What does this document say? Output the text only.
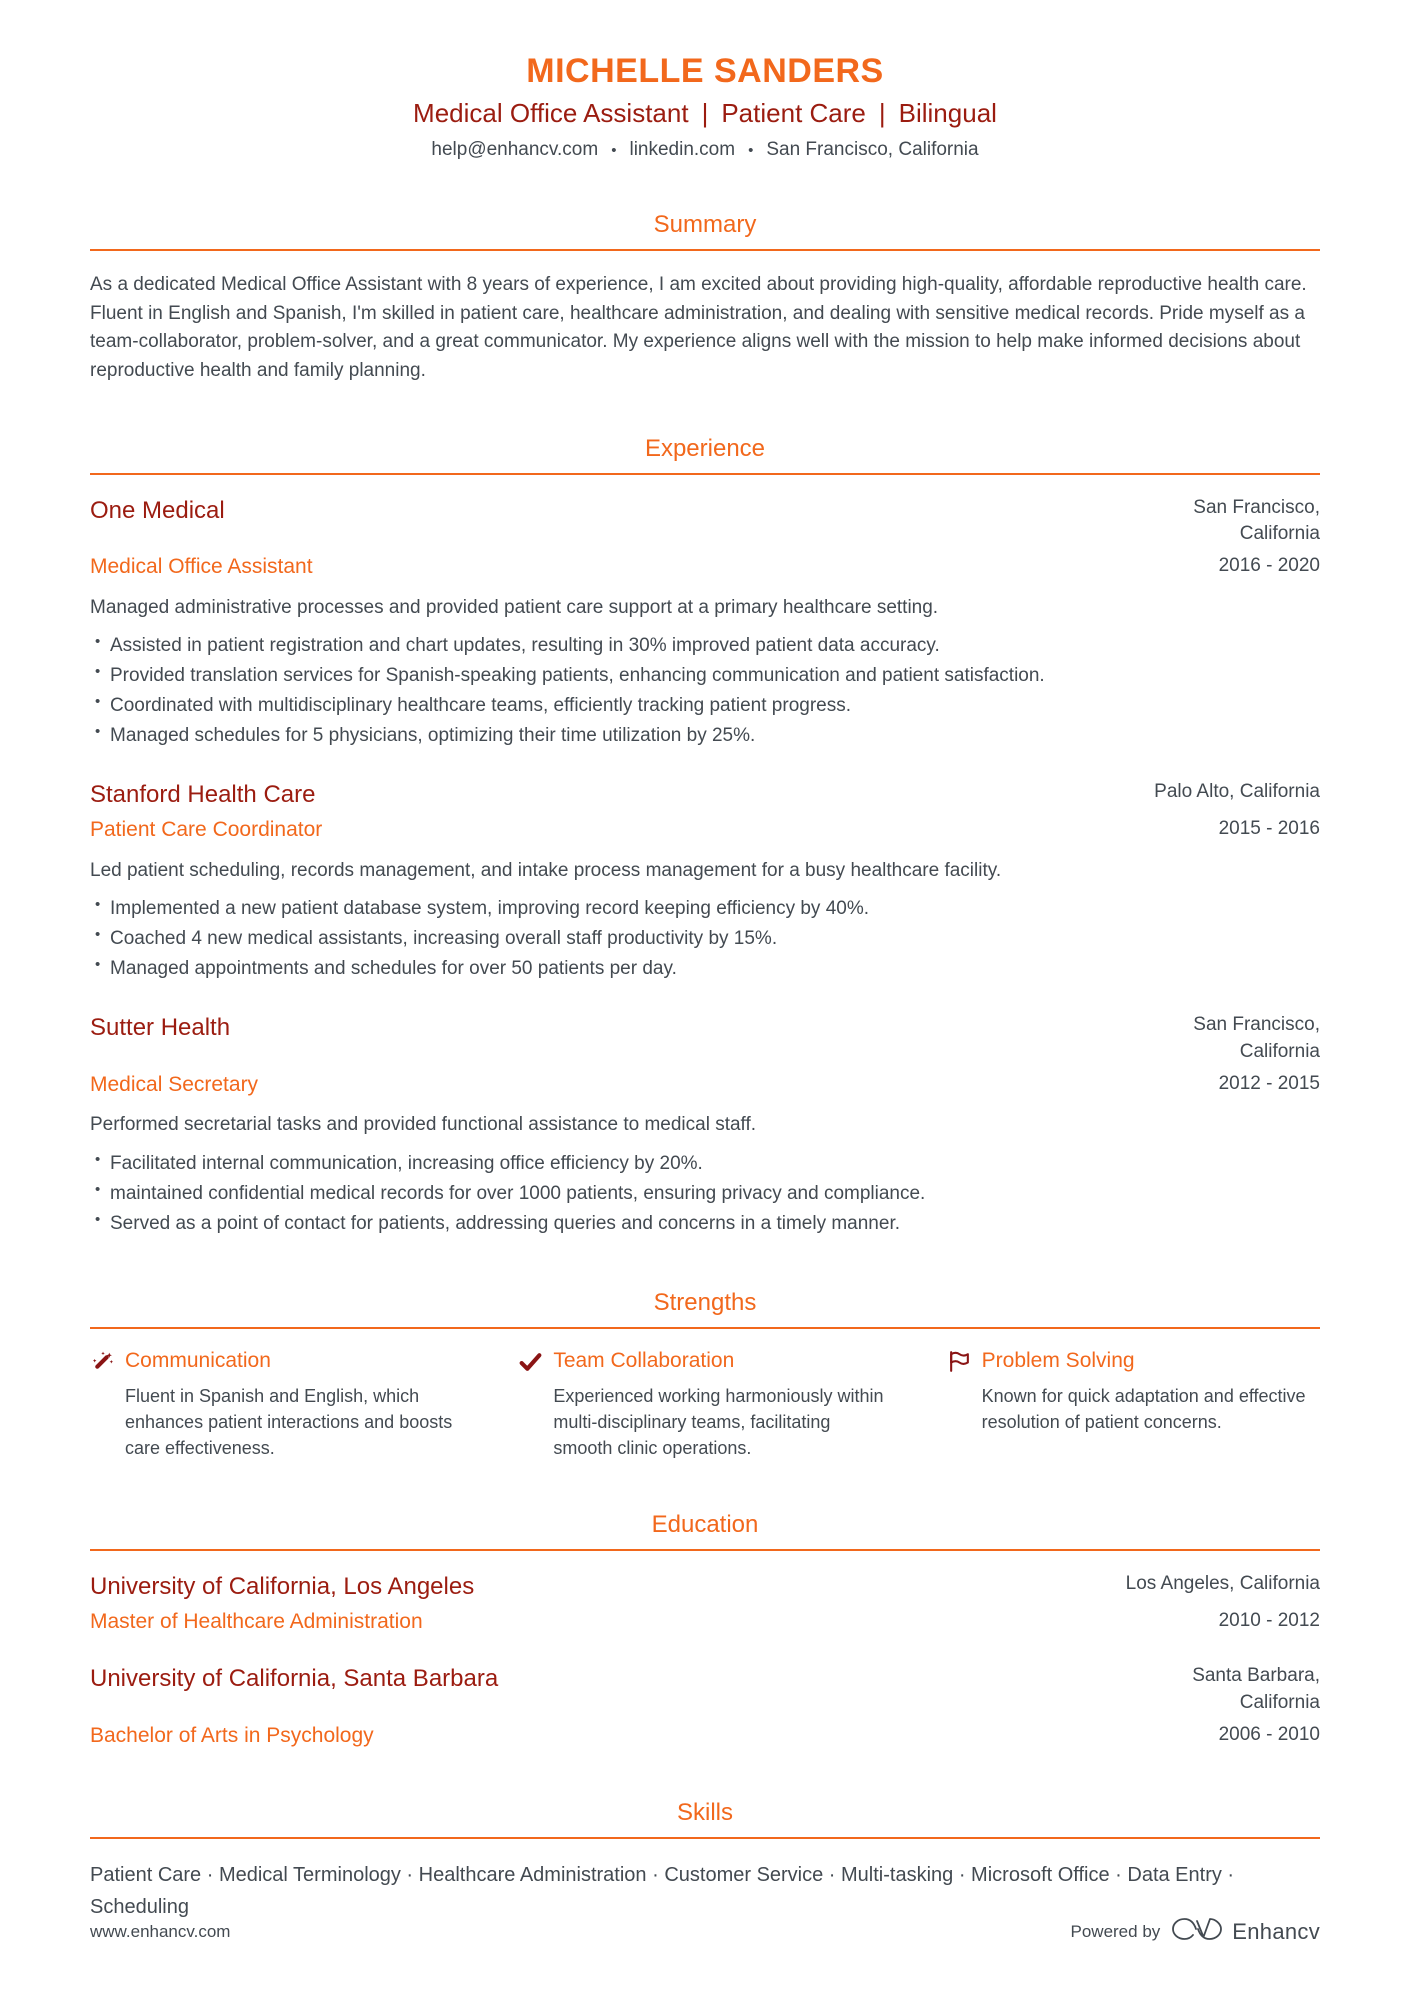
MICHELLE SANDERS
Medical Office Assistant | Patient Care | Bilingual
help@enhancv.com • linkedin.com • San Francisco, California
Summary

As a dedicated Medical Office Assistant with 8 years of experience, I am excited about providing high-quality, affordable reproductive health care. Fluent in English and Spanish, I'm skilled in patient care, healthcare administration, and dealing with sensitive medical records. Pride myself as a team-collaborator, problem-solver, and a great communicator. My experience aligns well with the mission to help make informed decisions about reproductive health and family planning.

Experience
One Medical	San Francisco, California
Medical Office Assistant	2016 - 2020

Managed administrative processes and provided patient care support at a primary healthcare setting.

• Assisted in patient registration and chart updates, resulting in 30% improved patient data accuracy.
• Provided translation services for Spanish-speaking patients, enhancing communication and patient satisfaction.
• Coordinated with multidisciplinary healthcare teams, efficiently tracking patient progress.
• Managed schedules for 5 physicians, optimizing their time utilization by 25%.
Stanford Health Care	Palo Alto, California
Patient Care Coordinator	2015 - 2016

Led patient scheduling, records management, and intake process management for a busy healthcare facility.

• Implemented a new patient database system, improving record keeping efficiency by 40%.
• Coached 4 new medical assistants, increasing overall staff productivity by 15%.
• Managed appointments and schedules for over 50 patients per day.
Sutter Health	San Francisco, California
Medical Secretary	2012 - 2015

Performed secretarial tasks and provided functional assistance to medical staff.

• Facilitated internal communication, increasing office efficiency by 20%.
• maintained confidential medical records for over 1000 patients, ensuring privacy and compliance.
• Served as a point of contact for patients, addressing queries and concerns in a timely manner.
Strengths
Communication

Fluent in Spanish and English, which enhances patient interactions and boosts care effectiveness.

Team Collaboration

Experienced working harmoniously within multi-disciplinary teams, facilitating smooth clinic operations.

Problem Solving

Known for quick adaptation and effective resolution of patient concerns.

Education
University of California, Los Angeles	Los Angeles, California
Master of Healthcare Administration	2010 - 2012
University of California, Santa Barbara	Santa Barbara, California
Bachelor of Arts in Psychology	2006 - 2010
Skills

Patient Care · Medical Terminology · Healthcare Administration · Customer Service · Multi-tasking · Microsoft Office · Data Entry · Scheduling

www.enhancv.com	Powered by	Enhancv
